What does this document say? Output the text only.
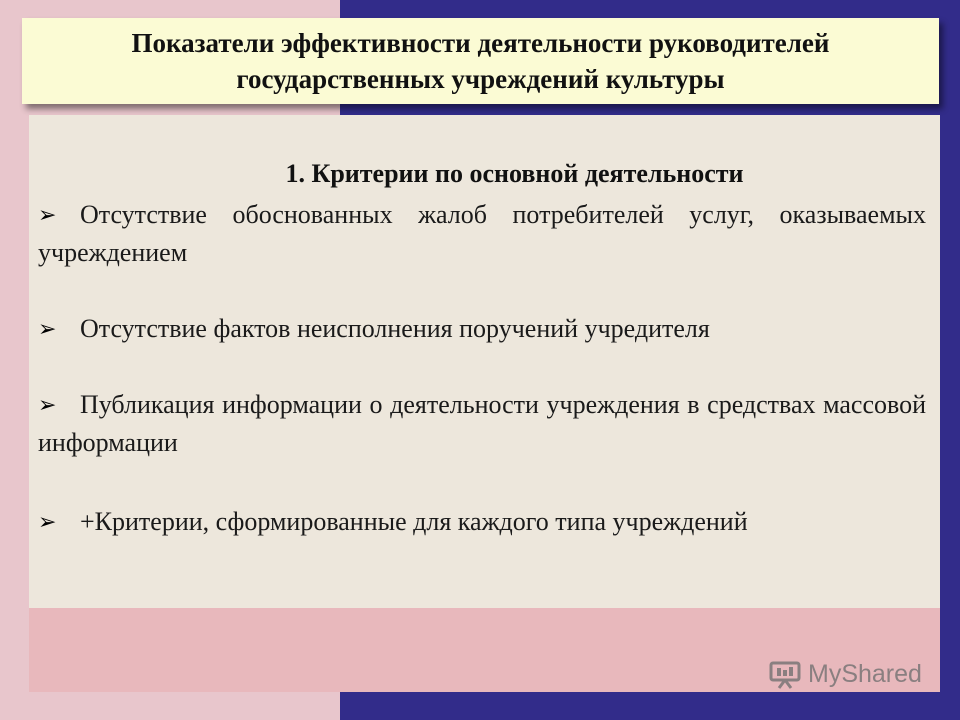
Показатели эффективности деятельности руководителей
государственных учреждений культуры
1. Критерии по основной деятельности
➢ Отсутствие обоснованных жалоб потребителей услуг, оказываемых учреждением
➢ Отсутствие фактов неисполнения поручений учредителя
➢ Публикация информации о деятельности учреждения в средствах массовой информации
➢ +Критерии, сформированные для каждого типа учреждений
MyShared
